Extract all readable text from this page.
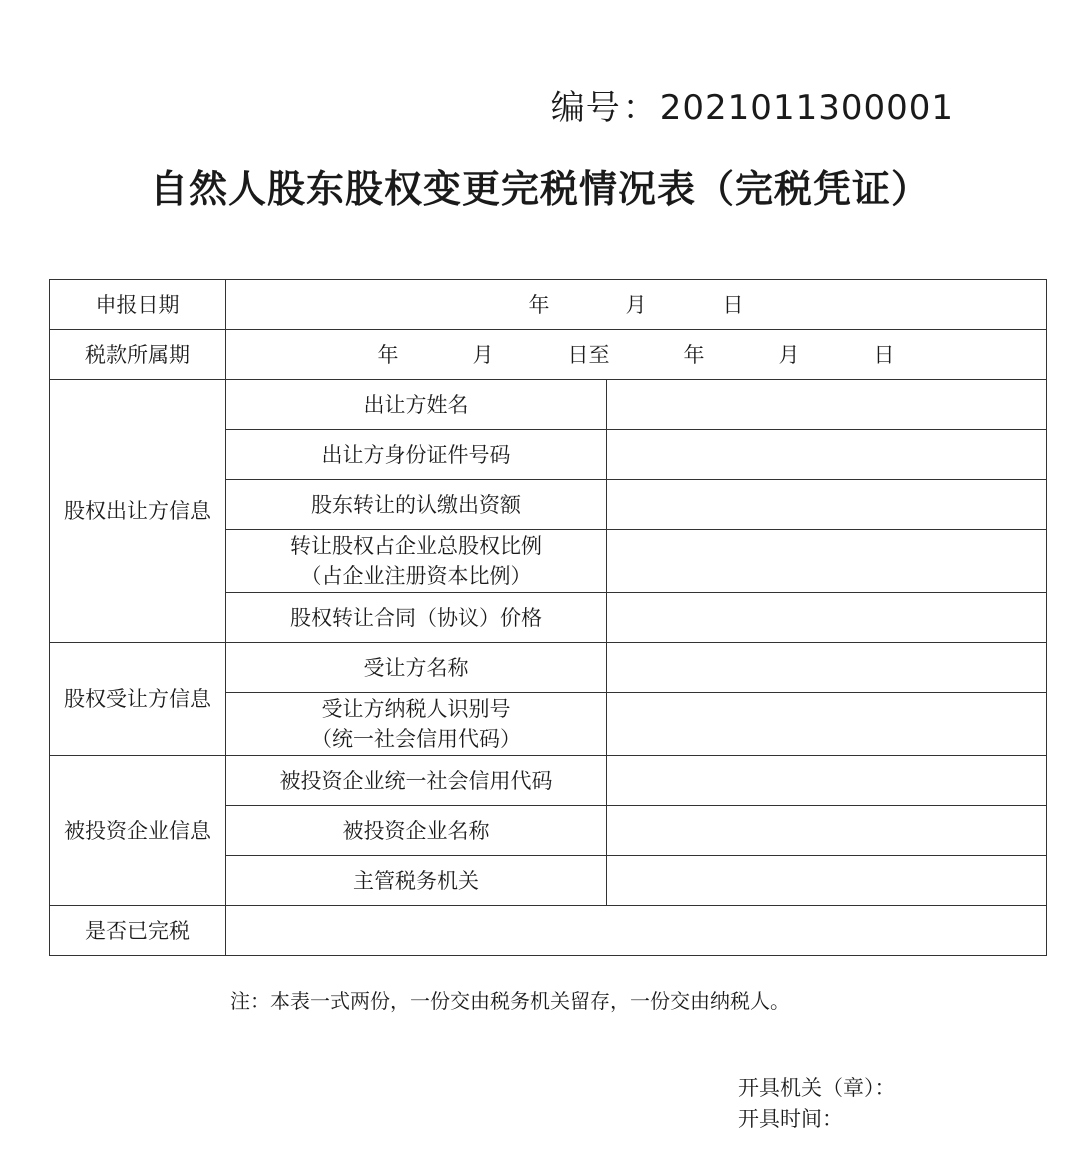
编号：2021011300001
自然人股东股权变更完税情况表（完税凭证）
申报日期	年 月 日	
税款所属期	年 月 日至 年 月 日	
股权出让方信息	出让方姓名	
	出让方身份证件号码	
	股东转让的认缴出资额	

	转让股权占企业总股权比例
（占企业注册资本比例）	

	股权转让合同（协议）价格	
股权受让方信息	受让方名称	

	受让方纳税人识别号
（统一社会信用代码）	

被投资企业信息	被投资企业统一社会信用代码	
	被投资企业名称	
	主管税务机关	
是否已完税		
注：本表一式两份，一份交由税务机关留存，一份交由纳税人。
开具机关（章）：
开具时间：
